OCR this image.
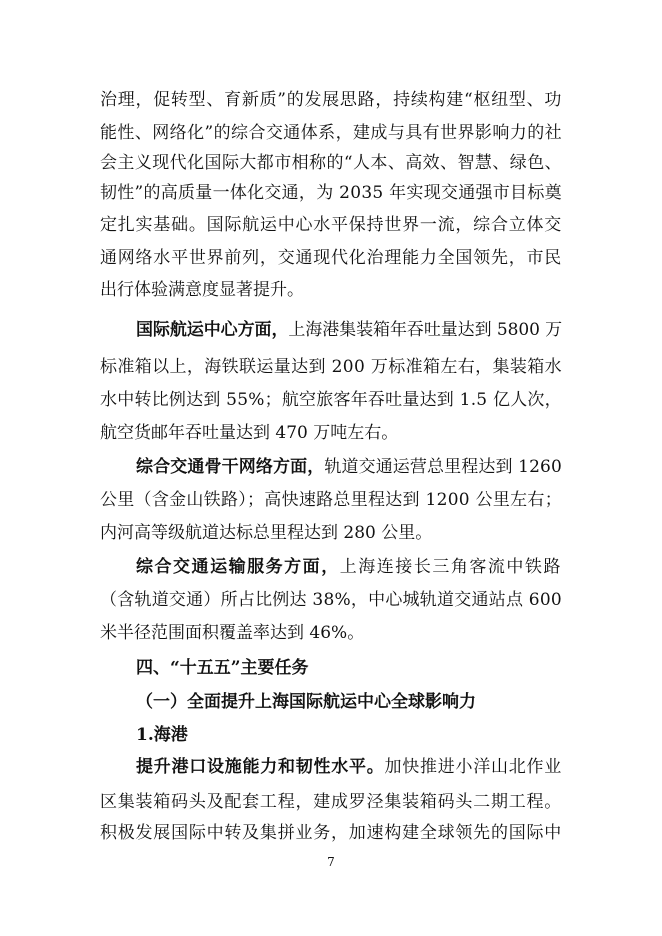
治理，促转型、育新质”的发展思路，持续构建“枢纽型、功
能性、网络化”的综合交通体系，建成与具有世界影响力的社
会主义现代化国际大都市相称的“人本、高效、智慧、绿色、
韧性”的高质量一体化交通，为 2035 年实现交通强市目标奠
定扎实基础。国际航运中心水平保持世界一流，综合立体交
通网络水平世界前列，交通现代化治理能力全国领先，市民
出行体验满意度显著提升。
国际航运中心方面，上海港集装箱年吞吐量达到 5800 万
标准箱以上，海铁联运量达到 200 万标准箱左右，集装箱水
水中转比例达到 55%；航空旅客年吞吐量达到 1.5 亿人次，
航空货邮年吞吐量达到 470 万吨左右。
综合交通骨干网络方面，轨道交通运营总里程达到 1260
公里（含金山铁路）；高快速路总里程达到 1200 公里左右；
内河高等级航道达标总里程达到 280 公里。
综合交通运输服务方面，上海连接长三角客流中铁路
（含轨道交通）所占比例达 38%，中心城轨道交通站点 600
米半径范围面积覆盖率达到 46%。
四、“十五五”主要任务
（一）全面提升上海国际航运中心全球影响力
1.海港
提升港口设施能力和韧性水平。加快推进小洋山北作业
区集装箱码头及配套工程，建成罗泾集装箱码头二期工程。
积极发展国际中转及集拼业务，加速构建全球领先的国际中
7
